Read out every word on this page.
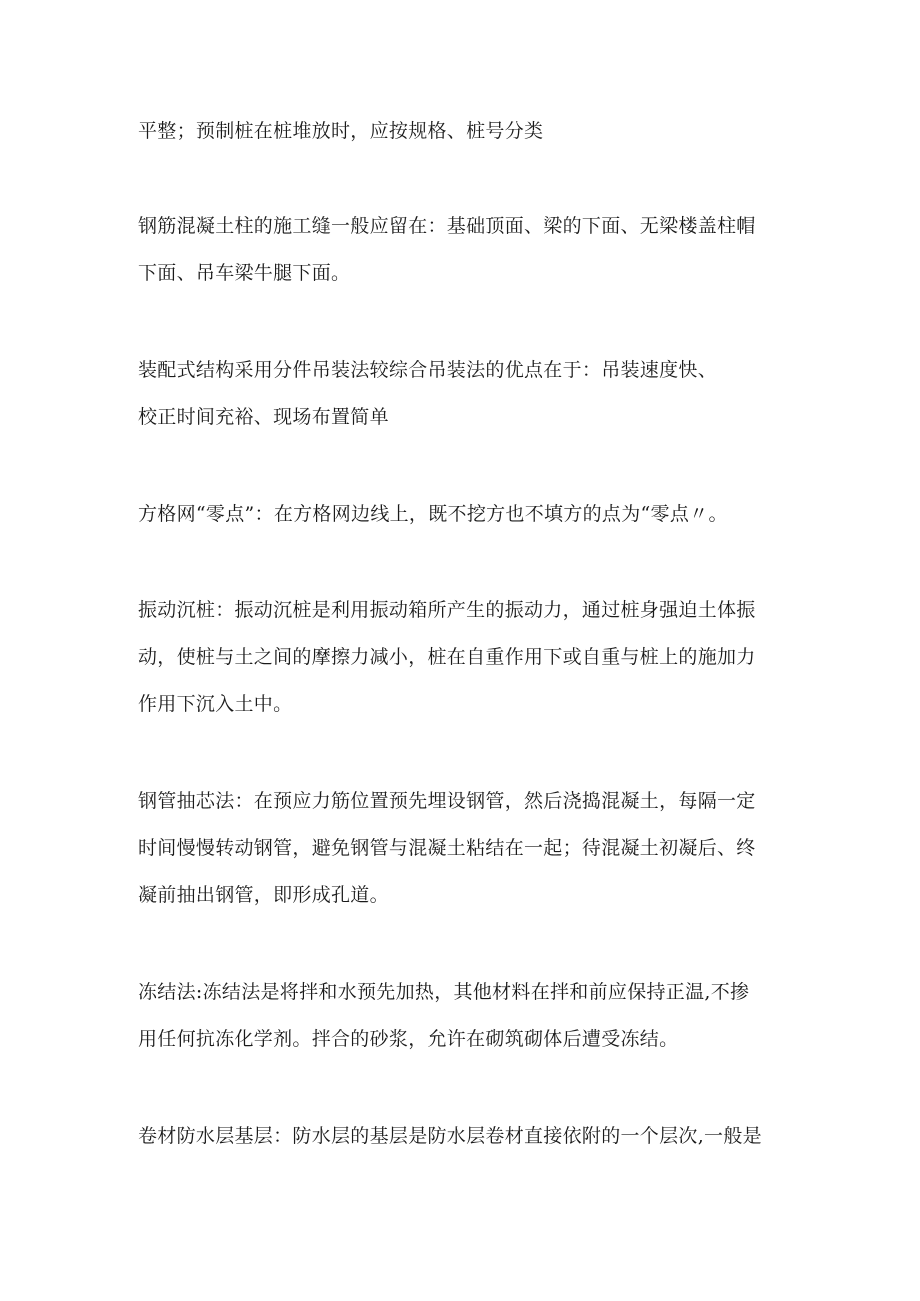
平整；预制桩在桩堆放时，应按规格、桩号分类
钢筋混凝土柱的施工缝一般应留在：基础顶面、梁的下面、无梁楼盖柱帽
下面、吊车梁牛腿下面。
装配式结构采用分件吊装法较综合吊装法的优点在于：吊装速度快、
校正时间充裕、现场布置简单
方格网“零点”：在方格网边线上，既不挖方也不填方的点为“零点〃。
振动沉桩：振动沉桩是利用振动箱所产生的振动力，通过桩身强迫土体振
动，使桩与土之间的摩擦力减小，桩在自重作用下或自重与桩上的施加力
作用下沉入土中。
钢管抽芯法：在预应力筋位置预先埋设钢管，然后浇捣混凝土，每隔一定
时间慢慢转动钢管，避免钢管与混凝土粘结在一起；待混凝土初凝后、终
凝前抽出钢管，即形成孔道。
冻结法:冻结法是将拌和水预先加热，其他材料在拌和前应保持正温,不掺
用任何抗冻化学剂。拌合的砂浆，允许在砌筑砌体后遭受冻结。
卷材防水层基层：防水层的基层是防水层卷材直接依附的一个层次,一般是
